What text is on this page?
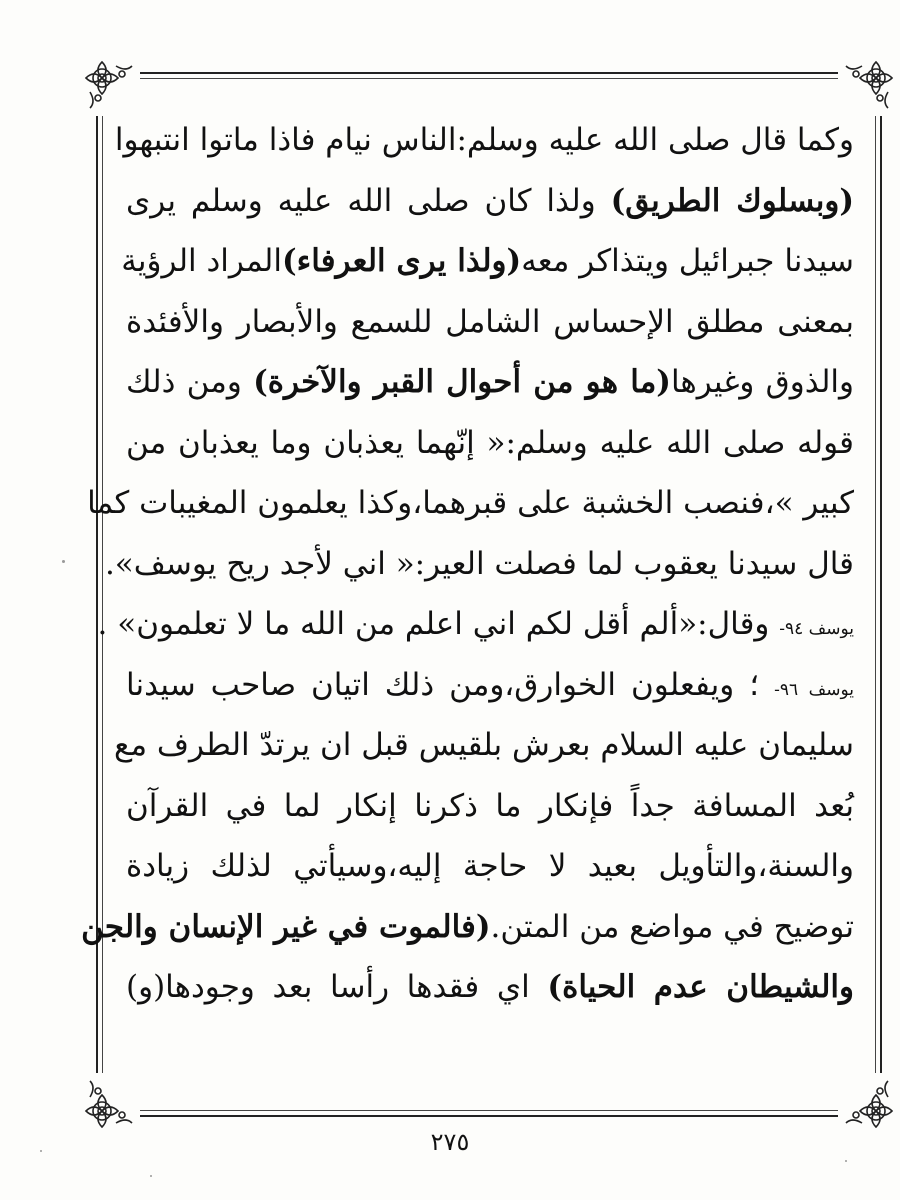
وكما قال صلى الله عليه وسلم:الناس نيام فاذا ماتوا انتبهوا
(وبسلوك الطريق) ولذا كان صلى الله عليه وسلم يرى
سيدنا جبرائيل ويتذاكر معه(ولذا يرى العرفاء)المراد الرؤية
بمعنى مطلق الإحساس الشامل للسمع والأبصار والأفئدة
والذوق وغيرها(ما هو من أحوال القبر والآخرة) ومن ذلك
قوله صلى الله عليه وسلم:« إنّهما يعذبان وما يعذبان من
كبير »،فنصب الخشبة على قبرهما،وكذا يعلمون المغيبات كما
قال سيدنا يعقوب لما فصلت العير:« اني لأجد ريح يوسف».
يوسف ٩٤- وقال:«ألم أقل لكم اني اعلم من الله ما لا تعلمون» .
يوسف ٩٦- ؛ ويفعلون الخوارق،ومن ذلك اتيان صاحب سيدنا
سليمان عليه السلام بعرش بلقيس قبل ان يرتدّ الطرف مع
بُعد المسافة جداً فإنكار ما ذكرنا إنكار لما في القرآن
والسنة،والتأويل بعيد لا حاجة إليه،وسيأتي لذلك زيادة
توضيح في مواضع من المتن.(فالموت في غير الإنسان والجن
والشيطان عدم الحياة) اي فقدها رأسا بعد وجودها(و)
٢٧٥
